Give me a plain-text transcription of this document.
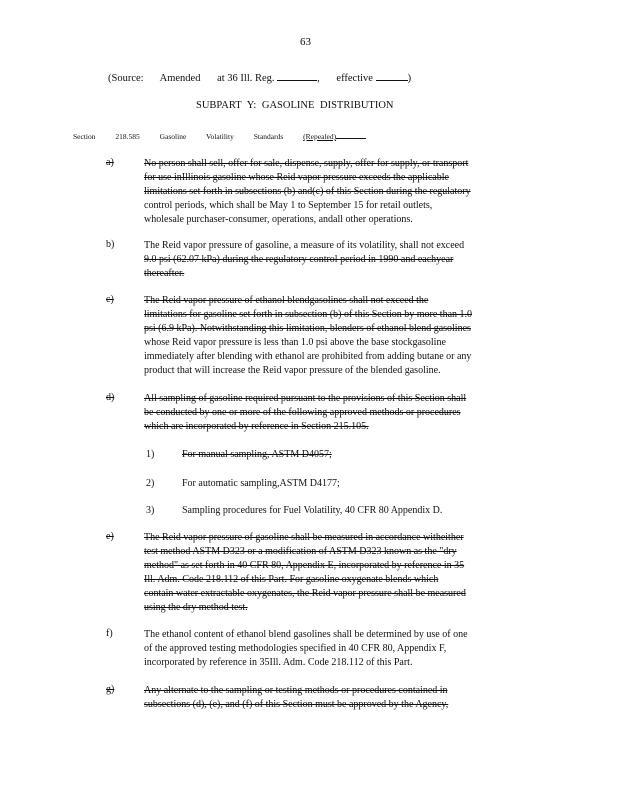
63
(Source: Amended at 36 Ill. Reg.	, effective	)
SUBPART Y: GASOLINE DISTRIBUTION
Section	218.585	Gasoline	Volatility	Standards	(Repealed)
a)	No person shall sell, offer for sale, dispense, supply, offer for supply, or transport
for use inIllinois gasoline whose Reid vapor pressure exceeds the applicable
limitations set forth in subsections (b) and(c) of this Section during the regulatory
control periods, which shall be May 1 to September 15 for retail outlets,
wholesale purchaser-consumer, operations, andall other operations.
b)	The Reid vapor pressure of gasoline, a measure of its volatility, shall not exceed
9.0 psi (62.07 kPa) during the regulatory control period in 1990 and eachyear
thereafter.
c)	The Reid vapor pressure of ethanol blendgasolines shall not exceed the
limitations for gasoline set forth in subsection (b) of this Section by more than 1.0
psi (6.9 kPa). Notwithstanding this limitation, blenders of ethanol blend gasolines
whose Reid vapor pressure is less than 1.0 psi above the base stockgasoline
immediately after blending with ethanol are prohibited from adding butane or any
product that will increase the Reid vapor pressure of the blended gasoline.
d)	All sampling of gasoline required pursuant to the provisions of this Section shall
be conducted by one or more of the following approved methods or procedures
which are incorporated by reference in Section 215.105.
1)	For manual sampling, ASTM D4057;
2)	For automatic sampling,ASTM D4177;
3)	Sampling procedures for Fuel Volatility, 40 CFR 80 Appendix D.
e)	The Reid vapor pressure of gasoline shall be measured in accordance witheither
test method ASTM D323 or a modification of ASTM D323 known as the "dry
method" as set forth in 40 CFR 80, Appendix E, incorporated by reference in 35
Ill. Adm. Code 218.112 of this Part. For gasoline oxygenate blends which
contain water extractable oxygenates, the Reid vapor pressure shall be measured
using the dry method test.
f)	The ethanol content of ethanol blend gasolines shall be determined by use of one
of the approved testing methodologies specified in 40 CFR 80, Appendix F,
incorporated by reference in 35Ill. Adm. Code 218.112 of this Part.
g)	Any alternate to the sampling or testing methods or procedures contained in
subsections (d), (e), and (f) of this Section must be approved by the Agency,
